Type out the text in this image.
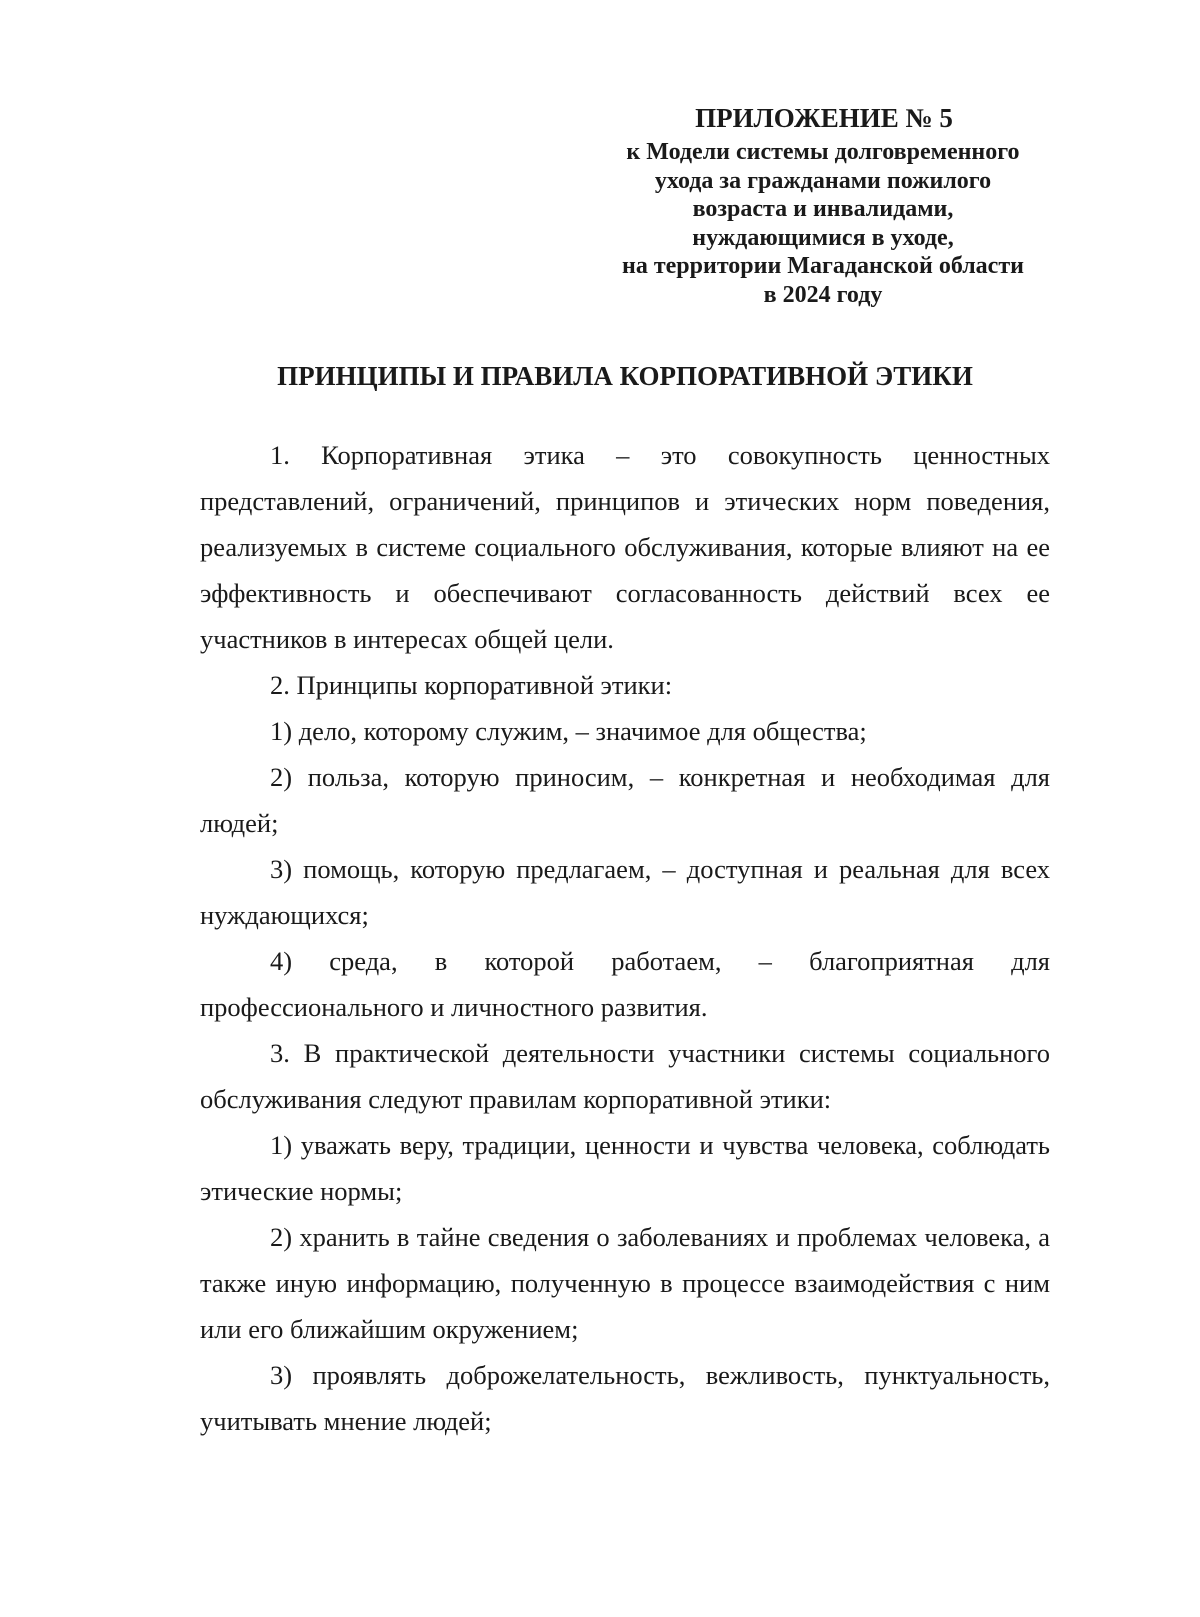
ПРИЛОЖЕНИЕ № 5
к Модели системы долговременного
ухода за гражданами пожилого
возраста и инвалидами,
нуждающимися в уходе,
на территории Магаданской области
в 2024 году
ПРИНЦИПЫ И ПРАВИЛА КОРПОРАТИВНОЙ ЭТИКИ

1. Корпоративная этика – это совокупность ценностных представлений, ограничений, принципов и этических норм поведения, реализуемых в системе социального обслуживания, которые влияют на ее эффективность и обеспечивают согласованность действий всех ее участников в интересах общей цели.

2. Принципы корпоративной этики:

1) дело, которому служим, – значимое для общества;

2) польза, которую приносим, – конкретная и необходимая для людей;

3) помощь, которую предлагаем, – доступная и реальная для всех нуждающихся;

4) среда, в которой работаем, – благоприятная для профессионального и личностного развития.

3. В практической деятельности участники системы социального обслуживания следуют правилам корпоративной этики:

1) уважать веру, традиции, ценности и чувства человека, соблюдать этические нормы;

2) хранить в тайне сведения о заболеваниях и проблемах человека, а также иную информацию, полученную в процессе взаимодействия с ним или его ближайшим окружением;

3) проявлять доброжелательность, вежливость, пунктуальность, учитывать мнение людей;
